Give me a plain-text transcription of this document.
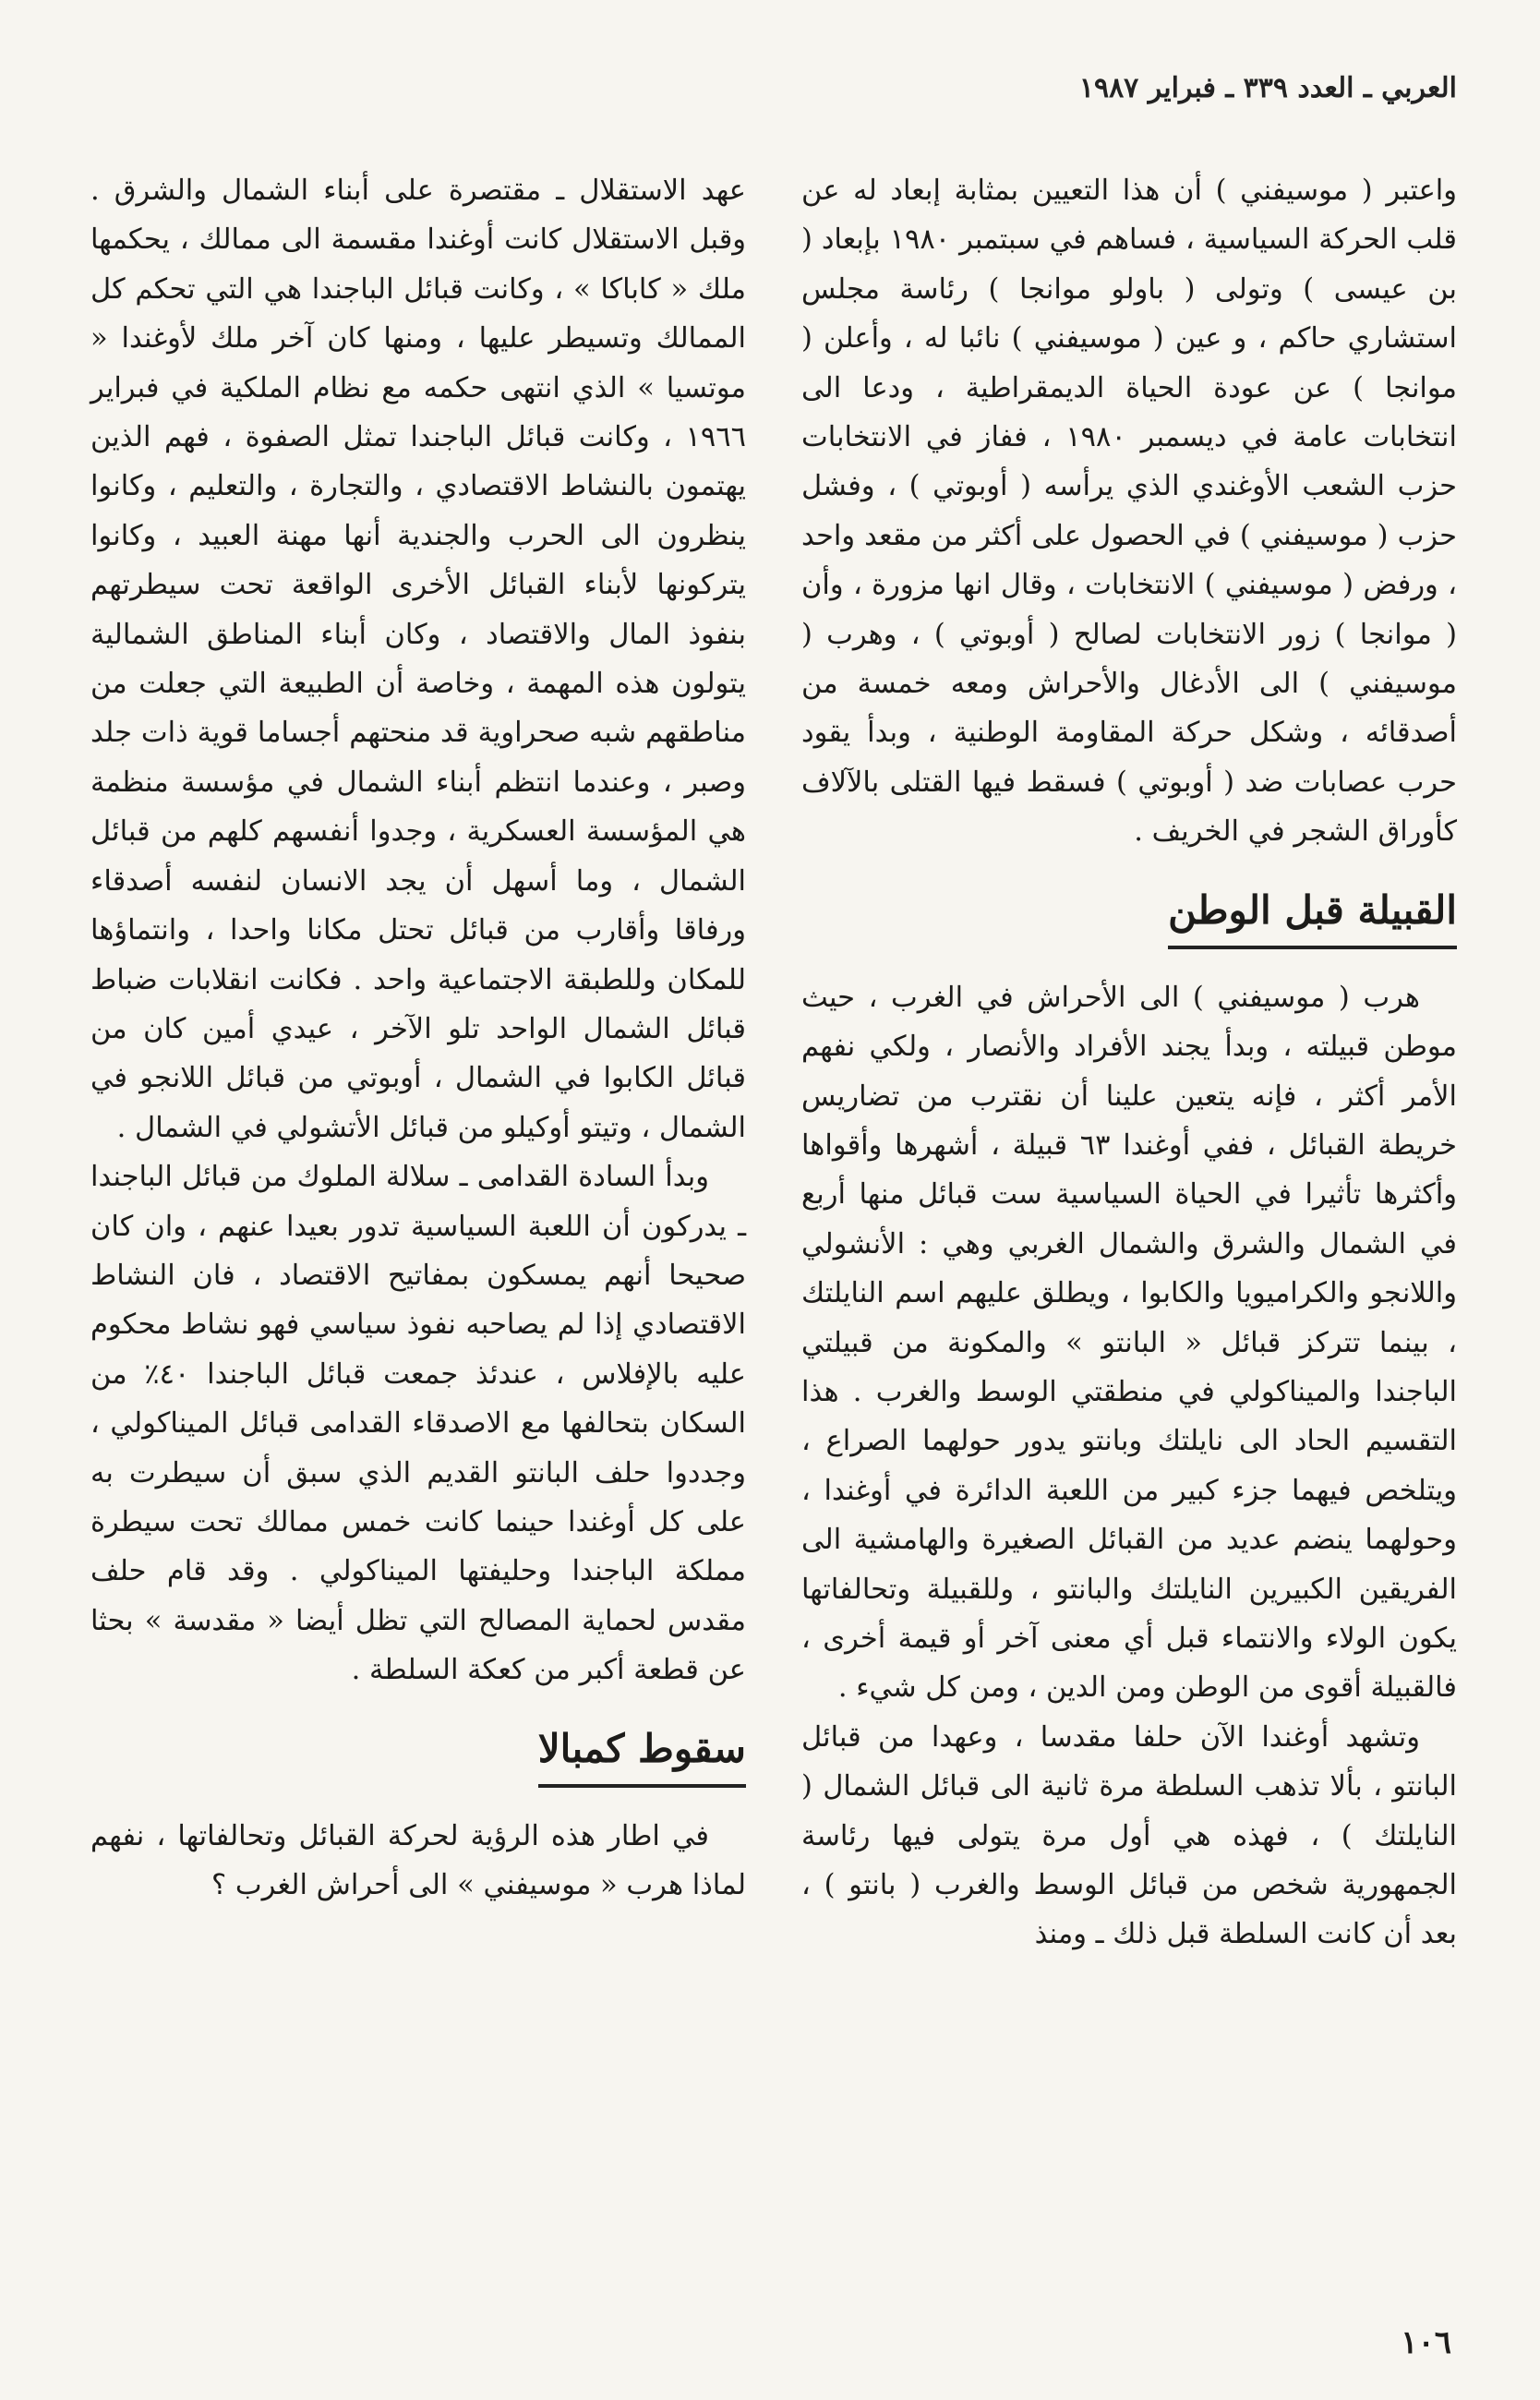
العربي ـ العدد ٣٣٩ ـ فبراير ١٩٨٧

واعتبر ( موسيفني ) أن هذا التعيين بمثابة إبعاد له عن قلب الحركة السياسية ، فساهم في سبتمبر ١٩٨٠ بإبعاد ( بن عيسى ) وتولى ( باولو موانجا ) رئاسة مجلس استشاري حاكم ، و عين ( موسيفني ) نائبا له ، وأعلن ( موانجا ) عن عودة الحياة الديمقراطية ، ودعا الى انتخابات عامة في ديسمبر ١٩٨٠ ، ففاز في الانتخابات حزب الشعب الأوغندي الذي يرأسه ( أوبوتي ) ، وفشل حزب ( موسيفني ) في الحصول على أكثر من مقعد واحد ، ورفض ( موسيفني ) الانتخابات ، وقال انها مزورة ، وأن ( موانجا ) زور الانتخابات لصالح ( أوبوتي ) ، وهرب ( موسيفني ) الى الأدغال والأحراش ومعه خمسة من أصدقائه ، وشكل حركة المقاومة الوطنية ، وبدأ يقود حرب عصابات ضد ( أوبوتي ) فسقط فيها القتلى بالآلاف كأوراق الشجر في الخريف .

القبيلة قبل الوطن

هرب ( موسيفني ) الى الأحراش في الغرب ، حيث موطن قبيلته ، وبدأ يجند الأفراد والأنصار ، ولكي نفهم الأمر أكثر ، فإنه يتعين علينا أن نقترب من تضاريس خريطة القبائل ، ففي أوغندا ٦٣ قبيلة ، أشهرها وأقواها وأكثرها تأثيرا في الحياة السياسية ست قبائل منها أربع في الشمال والشرق والشمال الغربي وهي : الأنشولي واللانجو والكراميويا والكابوا ، ويطلق عليهم اسم النايلتك ، بينما تتركز قبائل « البانتو » والمكونة من قبيلتي الباجندا والميناكولي في منطقتي الوسط والغرب . هذا التقسيم الحاد الى نايلتك وبانتو يدور حولهما الصراع ، ويتلخص فيهما جزء كبير من اللعبة الدائرة في أوغندا ، وحولهما ينضم عديد من القبائل الصغيرة والهامشية الى الفريقين الكبيرين النايلتك والبانتو ، وللقبيلة وتحالفاتها يكون الولاء والانتماء قبل أي معنى آخر أو قيمة أخرى ، فالقبيلة أقوى من الوطن ومن الدين ، ومن كل شيء .

وتشهد أوغندا الآن حلفا مقدسا ، وعهدا من قبائل البانتو ، بألا تذهب السلطة مرة ثانية الى قبائل الشمال ( النايلتك ) ، فهذه هي أول مرة يتولى فيها رئاسة الجمهورية شخص من قبائل الوسط والغرب ( بانتو ) ، بعد أن كانت السلطة قبل ذلك ـ ومنذ

عهد الاستقلال ـ مقتصرة على أبناء الشمال والشرق . وقبل الاستقلال كانت أوغندا مقسمة الى ممالك ، يحكمها ملك « كاباكا » ، وكانت قبائل الباجندا هي التي تحكم كل الممالك وتسيطر عليها ، ومنها كان آخر ملك لأوغندا « موتسيا » الذي انتهى حكمه مع نظام الملكية في فبراير ١٩٦٦ ، وكانت قبائل الباجندا تمثل الصفوة ، فهم الذين يهتمون بالنشاط الاقتصادي ، والتجارة ، والتعليم ، وكانوا ينظرون الى الحرب والجندية أنها مهنة العبيد ، وكانوا يتركونها لأبناء القبائل الأخرى الواقعة تحت سيطرتهم بنفوذ المال والاقتصاد ، وكان أبناء المناطق الشمالية يتولون هذه المهمة ، وخاصة أن الطبيعة التي جعلت من مناطقهم شبه صحراوية قد منحتهم أجساما قوية ذات جلد وصبر ، وعندما انتظم أبناء الشمال في مؤسسة منظمة هي المؤسسة العسكرية ، وجدوا أنفسهم كلهم من قبائل الشمال ، وما أسهل أن يجد الانسان لنفسه أصدقاء ورفاقا وأقارب من قبائل تحتل مكانا واحدا ، وانتماؤها للمكان وللطبقة الاجتماعية واحد . فكانت انقلابات ضباط قبائل الشمال الواحد تلو الآخر ، عيدي أمين كان من قبائل الكابوا في الشمال ، أوبوتي من قبائل اللانجو في الشمال ، وتيتو أوكيلو من قبائل الأتشولي في الشمال .

وبدأ السادة القدامى ـ سلالة الملوك من قبائل الباجندا ـ يدركون أن اللعبة السياسية تدور بعيدا عنهم ، وان كان صحيحا أنهم يمسكون بمفاتيح الاقتصاد ، فان النشاط الاقتصادي إذا لم يصاحبه نفوذ سياسي فهو نشاط محكوم عليه بالإفلاس ، عندئذ جمعت قبائل الباجندا ٤٠٪ من السكان بتحالفها مع الاصدقاء القدامى قبائل الميناكولي ، وجددوا حلف البانتو القديم الذي سبق أن سيطرت به على كل أوغندا حينما كانت خمس ممالك تحت سيطرة مملكة الباجندا وحليفتها الميناكولي . وقد قام حلف مقدس لحماية المصالح التي تظل أيضا « مقدسة » بحثا عن قطعة أكبر من كعكة السلطة .

سقوط كمبالا

في اطار هذه الرؤية لحركة القبائل وتحالفاتها ، نفهم لماذا هرب « موسيفني » الى أحراش الغرب ؟

١٠٦
